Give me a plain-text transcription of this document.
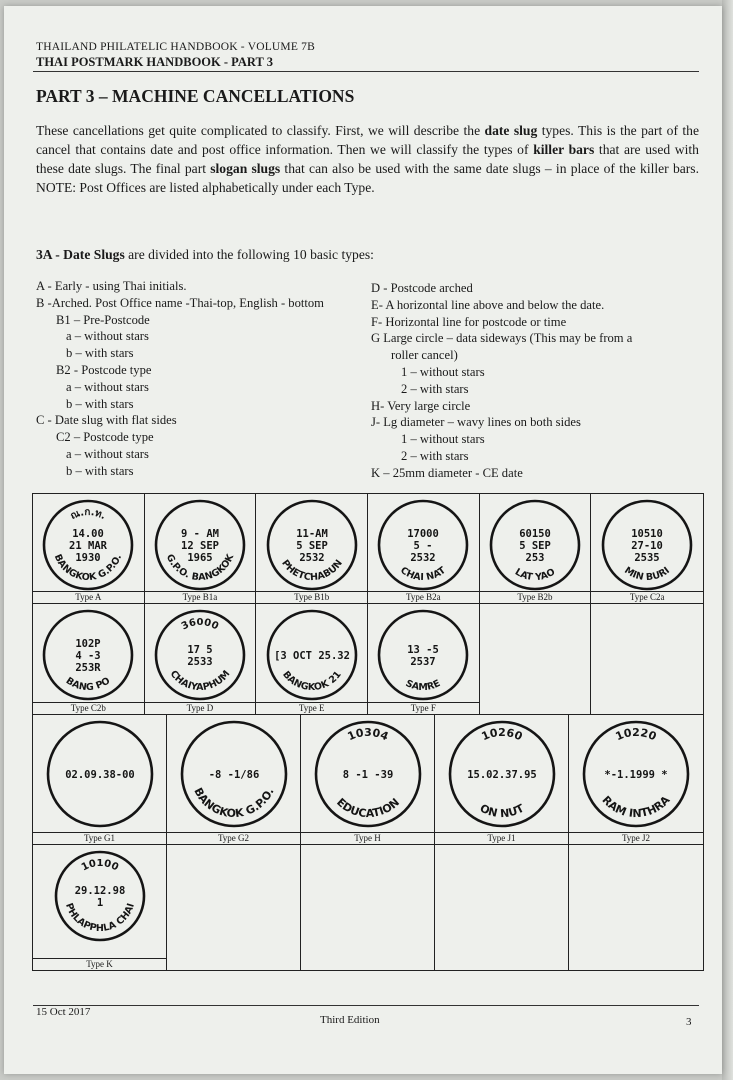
THAILAND PHILATELIC HANDBOOK - VOLUME 7B
THAI POSTMARK HANDBOOK - PART 3
PART 3 – MACHINE CANCELLATIONS
These cancellations get quite complicated to classify. First, we will describe the date slug types. This is the part of the cancel that contains date and post office information. Then we will classify the types of killer bars that are used with these date slugs. The final part slogan slugs that can also be used with the same date slugs – in place of the killer bars. NOTE: Post Offices are listed alphabetically under each Type.
3A - Date Slugs are divided into the following 10 basic types:
A - Early - using Thai initials.
B -Arched. Post Office name -Thai-top, English - bottom
B1 – Pre-Postcode
a – without stars
b – with stars
B2 - Postcode type
a – without stars
b – with stars
C - Date slug with flat sides
C2 – Postcode type
a – without stars
b – with stars
D - Postcode arched
E- A horizontal line above and below the date.
F- Horizontal line for postcode or time
G Large circle – data sideways (This may be from a
roller cancel)
1 – without stars
2 – with stars
H- Very large circle
J- Lg diameter – wavy lines on both sides
1 – without stars
2 – with stars
K – 25mm diameter - CE date
ณ.ก.ท.
BANGKOK G.P.O.
14.00
21 MAR
1930
Type A
G.P.O. BANGKOK
9 - AM
12 SEP
1965
Type B1a
PHETCHABUN
11-AM
5 SEP
2532
Type B1b
CHAI NAT
17000
5 -
2532
Type B2a
LAT YAO
60150
5 SEP
253
Type B2b
MIN BURI
10510
27-10
2535
Type C2a
BANG PO
102P
4 -3
253R
Type C2b
36000
CHAIYAPHUM
17 5
2533
Type D
BANGKOK 21
[3 OCT 25.32
Type E
SAMRE
13 -5
2537
Type F
02.09.38-00
Type G1
BANGKOK G.P.O.
-8 -1/86
Type G2
10304
EDUCATION
8 -1 -39
Type H
10260
ON NUT
15.02.37.95
Type J1
10220
RAM INTHRA
*-1.1999 *
Type J2
10100
PHLAPPHLA CHAI
29.12.98
1
Type K
15 Oct 2017
Third Edition	3
